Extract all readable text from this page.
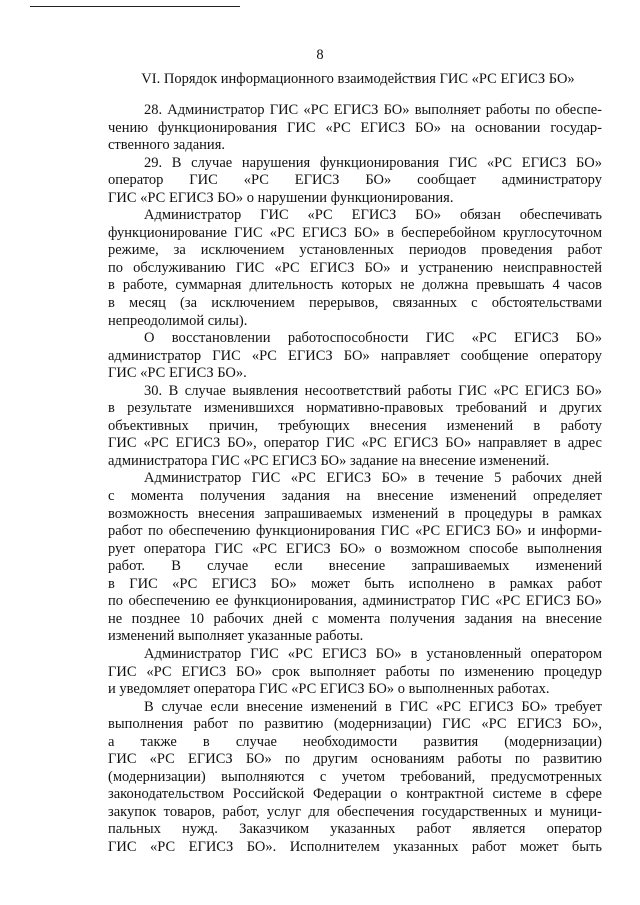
8
VI. Порядок информационного взаимодействия ГИС «РС ЕГИСЗ БО»

28. Администратор ГИС «РС ЕГИСЗ БО» выполняет работы по обеспе-
чению функционирования ГИС «РС ЕГИСЗ БО» на основании государ-
ственного задания.

29. В случае нарушения функционирования ГИС «РС ЕГИСЗ БО»
оператор ГИС «РС ЕГИСЗ БО» сообщает администратору
ГИС «РС ЕГИСЗ БО» о нарушении функционирования.

Администратор ГИС «РС ЕГИСЗ БО» обязан обеспечивать
функционирование ГИС «РС ЕГИСЗ БО» в бесперебойном круглосуточном
режиме, за исключением установленных периодов проведения работ
по обслуживанию ГИС «РС ЕГИСЗ БО» и устранению неисправностей
в работе, суммарная длительность которых не должна превышать 4 часов
в месяц (за исключением перерывов, связанных с обстоятельствами
непреодолимой силы).

О восстановлении работоспособности ГИС «РС ЕГИСЗ БО»
администратор ГИС «РС ЕГИСЗ БО» направляет сообщение оператору
ГИС «РС ЕГИСЗ БО».

30. В случае выявления несоответствий работы ГИС «РС ЕГИСЗ БО»
в результате изменившихся нормативно-правовых требований и других
объективных причин, требующих внесения изменений в работу
ГИС «РС ЕГИСЗ БО», оператор ГИС «РС ЕГИСЗ БО» направляет в адрес
администратора ГИС «РС ЕГИСЗ БО» задание на внесение изменений.

Администратор ГИС «РС ЕГИСЗ БО» в течение 5 рабочих дней
с момента получения задания на внесение изменений определяет
возможность внесения запрашиваемых изменений в процедуры в рамках
работ по обеспечению функционирования ГИС «РС ЕГИСЗ БО» и информи-
рует оператора ГИС «РС ЕГИСЗ БО» о возможном способе выполнения
работ. В случае если внесение запрашиваемых изменений
в ГИС «РС ЕГИСЗ БО» может быть исполнено в рамках работ
по обеспечению ее функционирования, администратор ГИС «РС ЕГИСЗ БО»
не позднее 10 рабочих дней с момента получения задания на внесение
изменений выполняет указанные работы.

Администратор ГИС «РС ЕГИСЗ БО» в установленный оператором
ГИС «РС ЕГИСЗ БО» срок выполняет работы по изменению процедур
и уведомляет оператора ГИС «РС ЕГИСЗ БО» о выполненных работах.

В случае если внесение изменений в ГИС «РС ЕГИСЗ БО» требует
выполнения работ по развитию (модернизации) ГИС «РС ЕГИСЗ БО»,
а также в случае необходимости развития (модернизации)
ГИС «РС ЕГИСЗ БО» по другим основаниям работы по развитию
(модернизации) выполняются с учетом требований, предусмотренных
законодательством Российской Федерации о контрактной системе в сфере
закупок товаров, работ, услуг для обеспечения государственных и муници-
пальных нужд. Заказчиком указанных работ является оператор
ГИС «РС ЕГИСЗ БО». Исполнителем указанных работ может быть
